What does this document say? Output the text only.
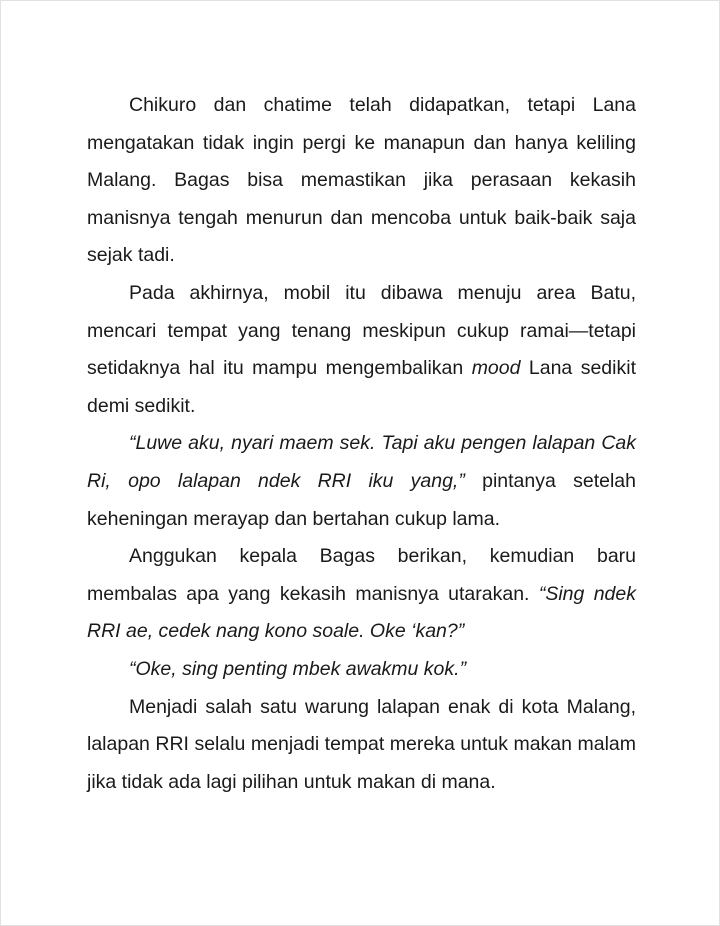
Chikuro dan chatime telah didapatkan, tetapi Lana mengatakan tidak ingin pergi ke manapun dan hanya keliling Malang. Bagas bisa memastikan jika perasaan kekasih manisnya tengah menurun dan mencoba untuk baik-baik saja sejak tadi.

Pada akhirnya, mobil itu dibawa menuju area Batu, mencari tempat yang tenang meskipun cukup ramai—tetapi setidaknya hal itu mampu mengembalikan mood Lana sedikit demi sedikit.

“Luwe aku, nyari maem sek. Tapi aku pengen lalapan Cak Ri, opo lalapan ndek RRI iku yang,” pintanya setelah keheningan merayap dan bertahan cukup lama.

Anggukan kepala Bagas berikan, kemudian baru membalas apa yang kekasih manisnya utarakan. “Sing ndek RRI ae, cedek nang kono soale. Oke ‘kan?”

“Oke, sing penting mbek awakmu kok.”

Menjadi salah satu warung lalapan enak di kota Malang, lalapan RRI selalu menjadi tempat mereka untuk makan malam jika tidak ada lagi pilihan untuk makan di mana.
